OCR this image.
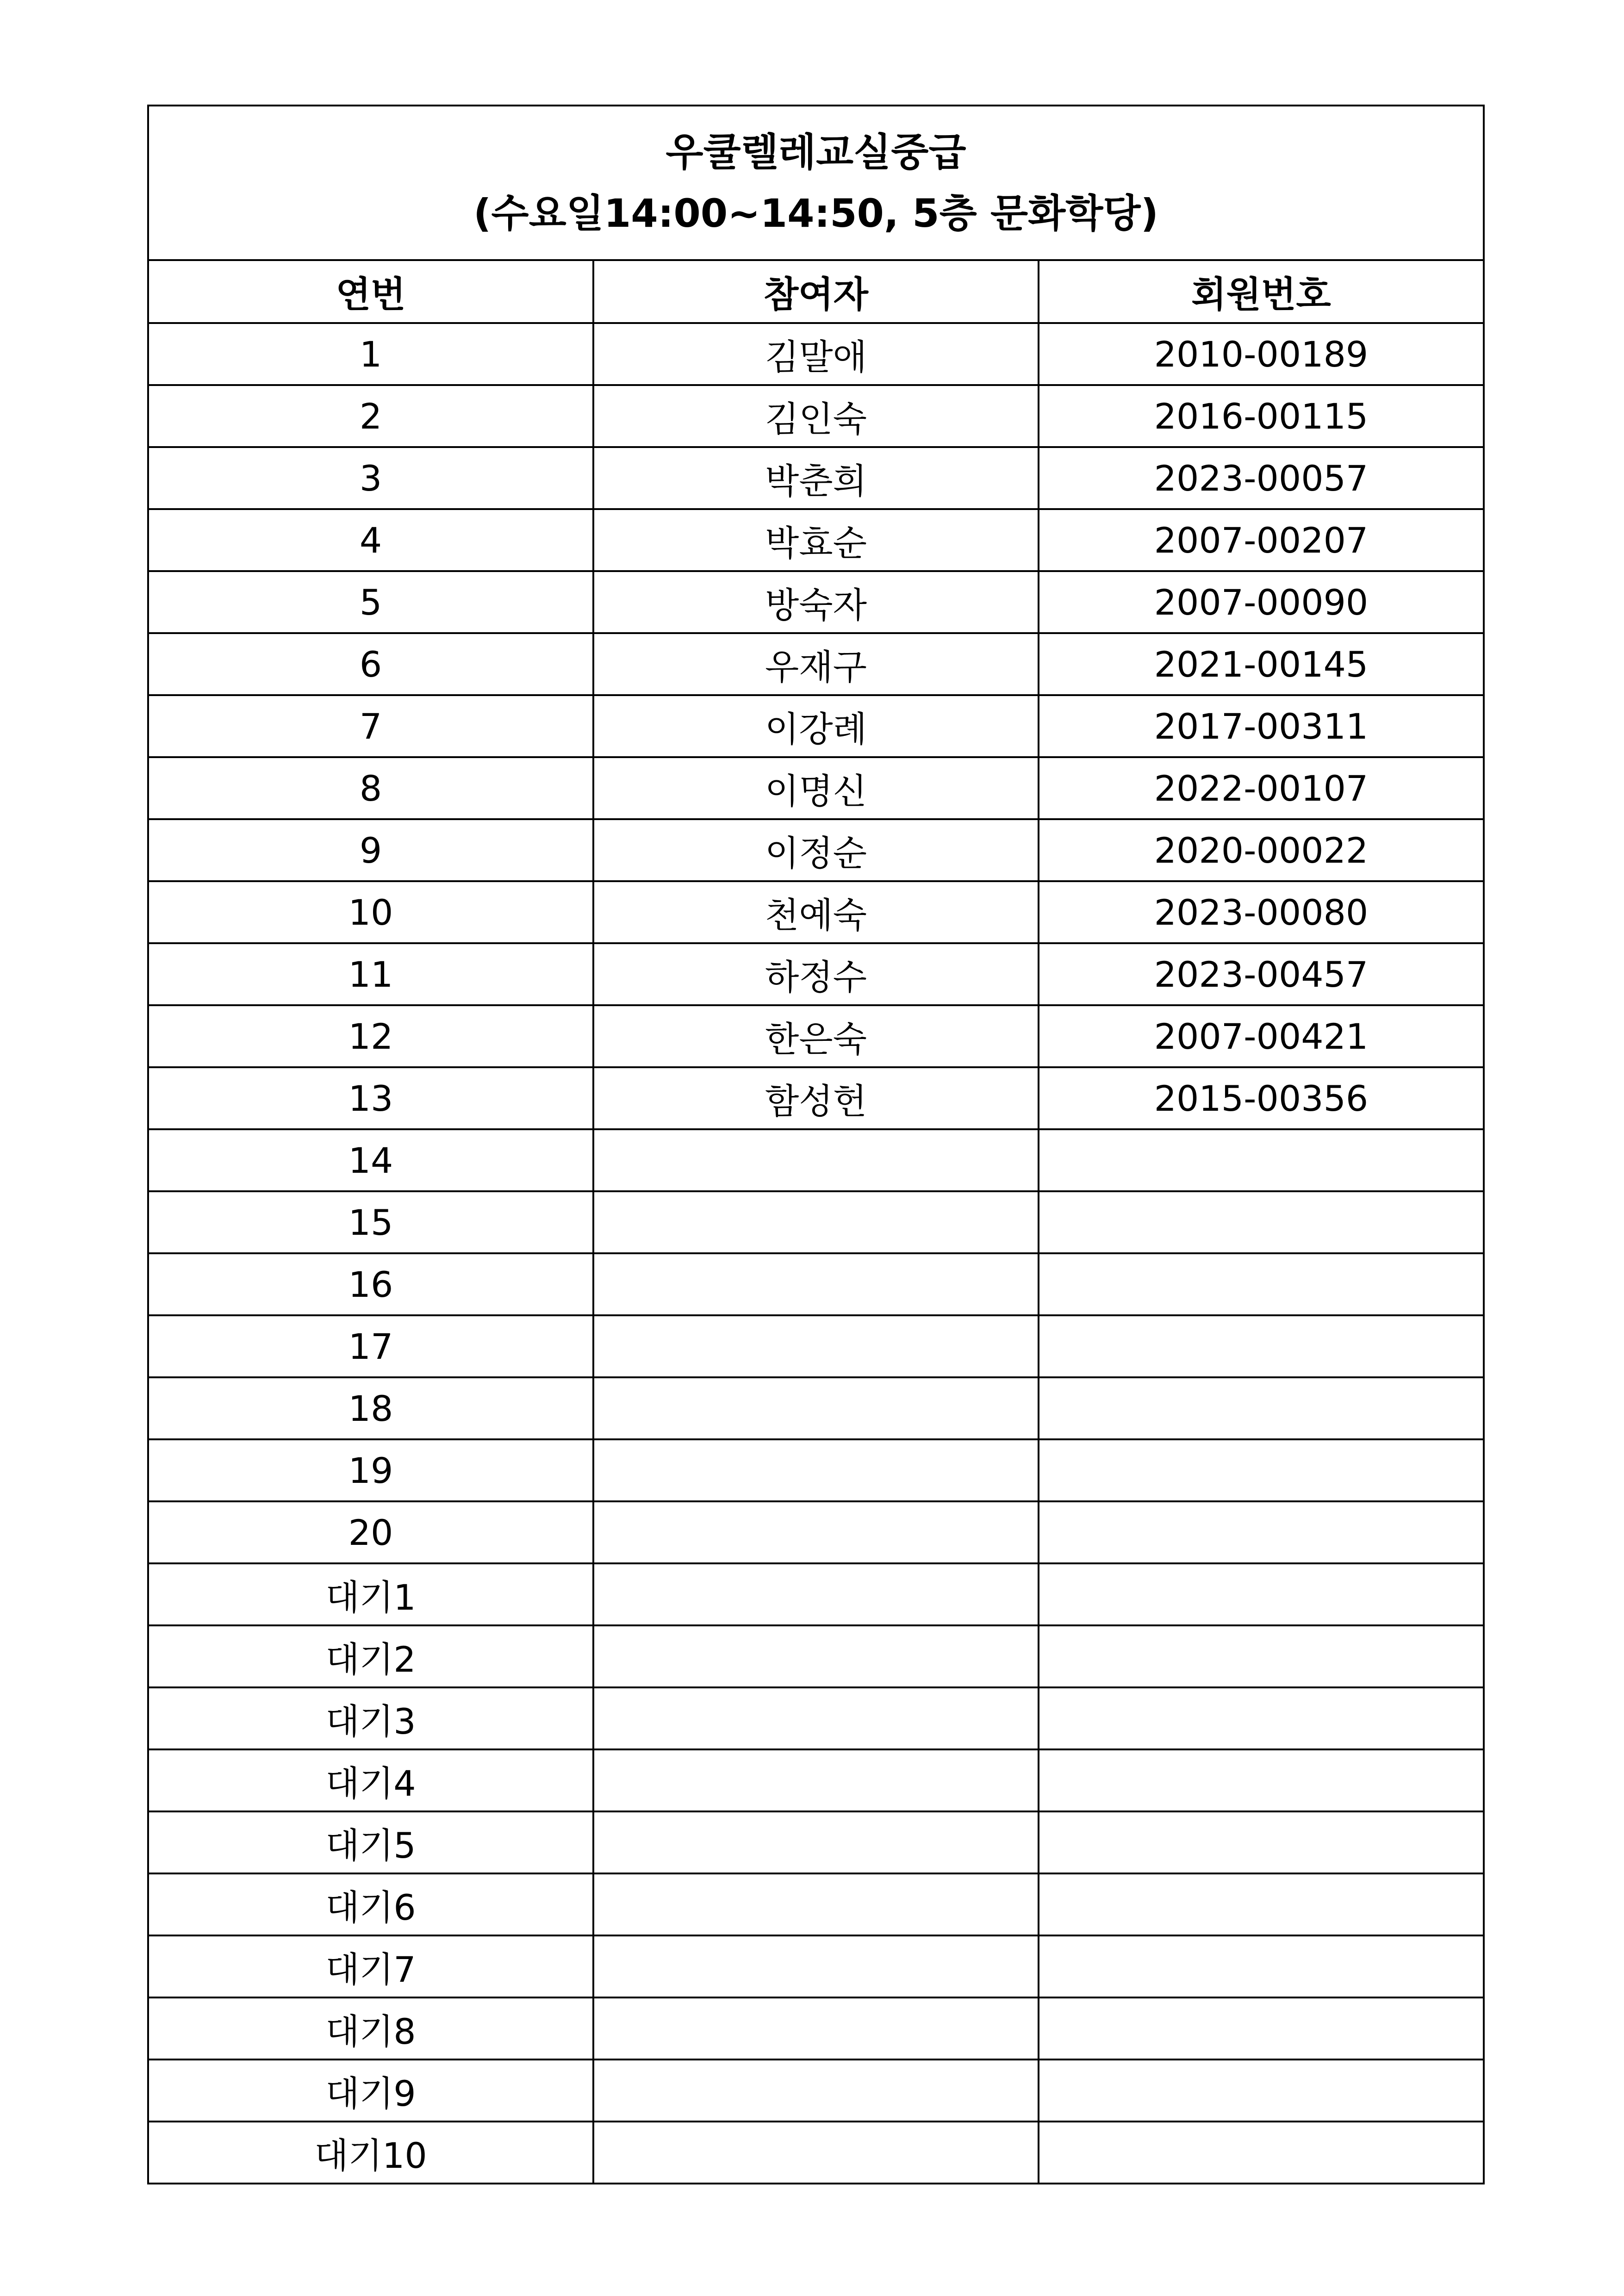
우쿨렐레교실중급
(수요일14:00~14:50, 5층 문화학당)		

연번	참여자	회원번호
1	김말애	2010-00189
2	김인숙	2016-00115
3	박춘희	2023-00057
4	박효순	2007-00207
5	방숙자	2007-00090
6	우재구	2021-00145
7	이강례	2017-00311
8	이명신	2022-00107
9	이정순	2020-00022
10	천예숙	2023-00080
11	하정수	2023-00457
12	한은숙	2007-00421
13	함성헌	2015-00356
14		
15		
16		
17		
18		
19		
20		
대기1		
대기2		
대기3		
대기4		
대기5		
대기6		
대기7		
대기8		
대기9		
대기10		
